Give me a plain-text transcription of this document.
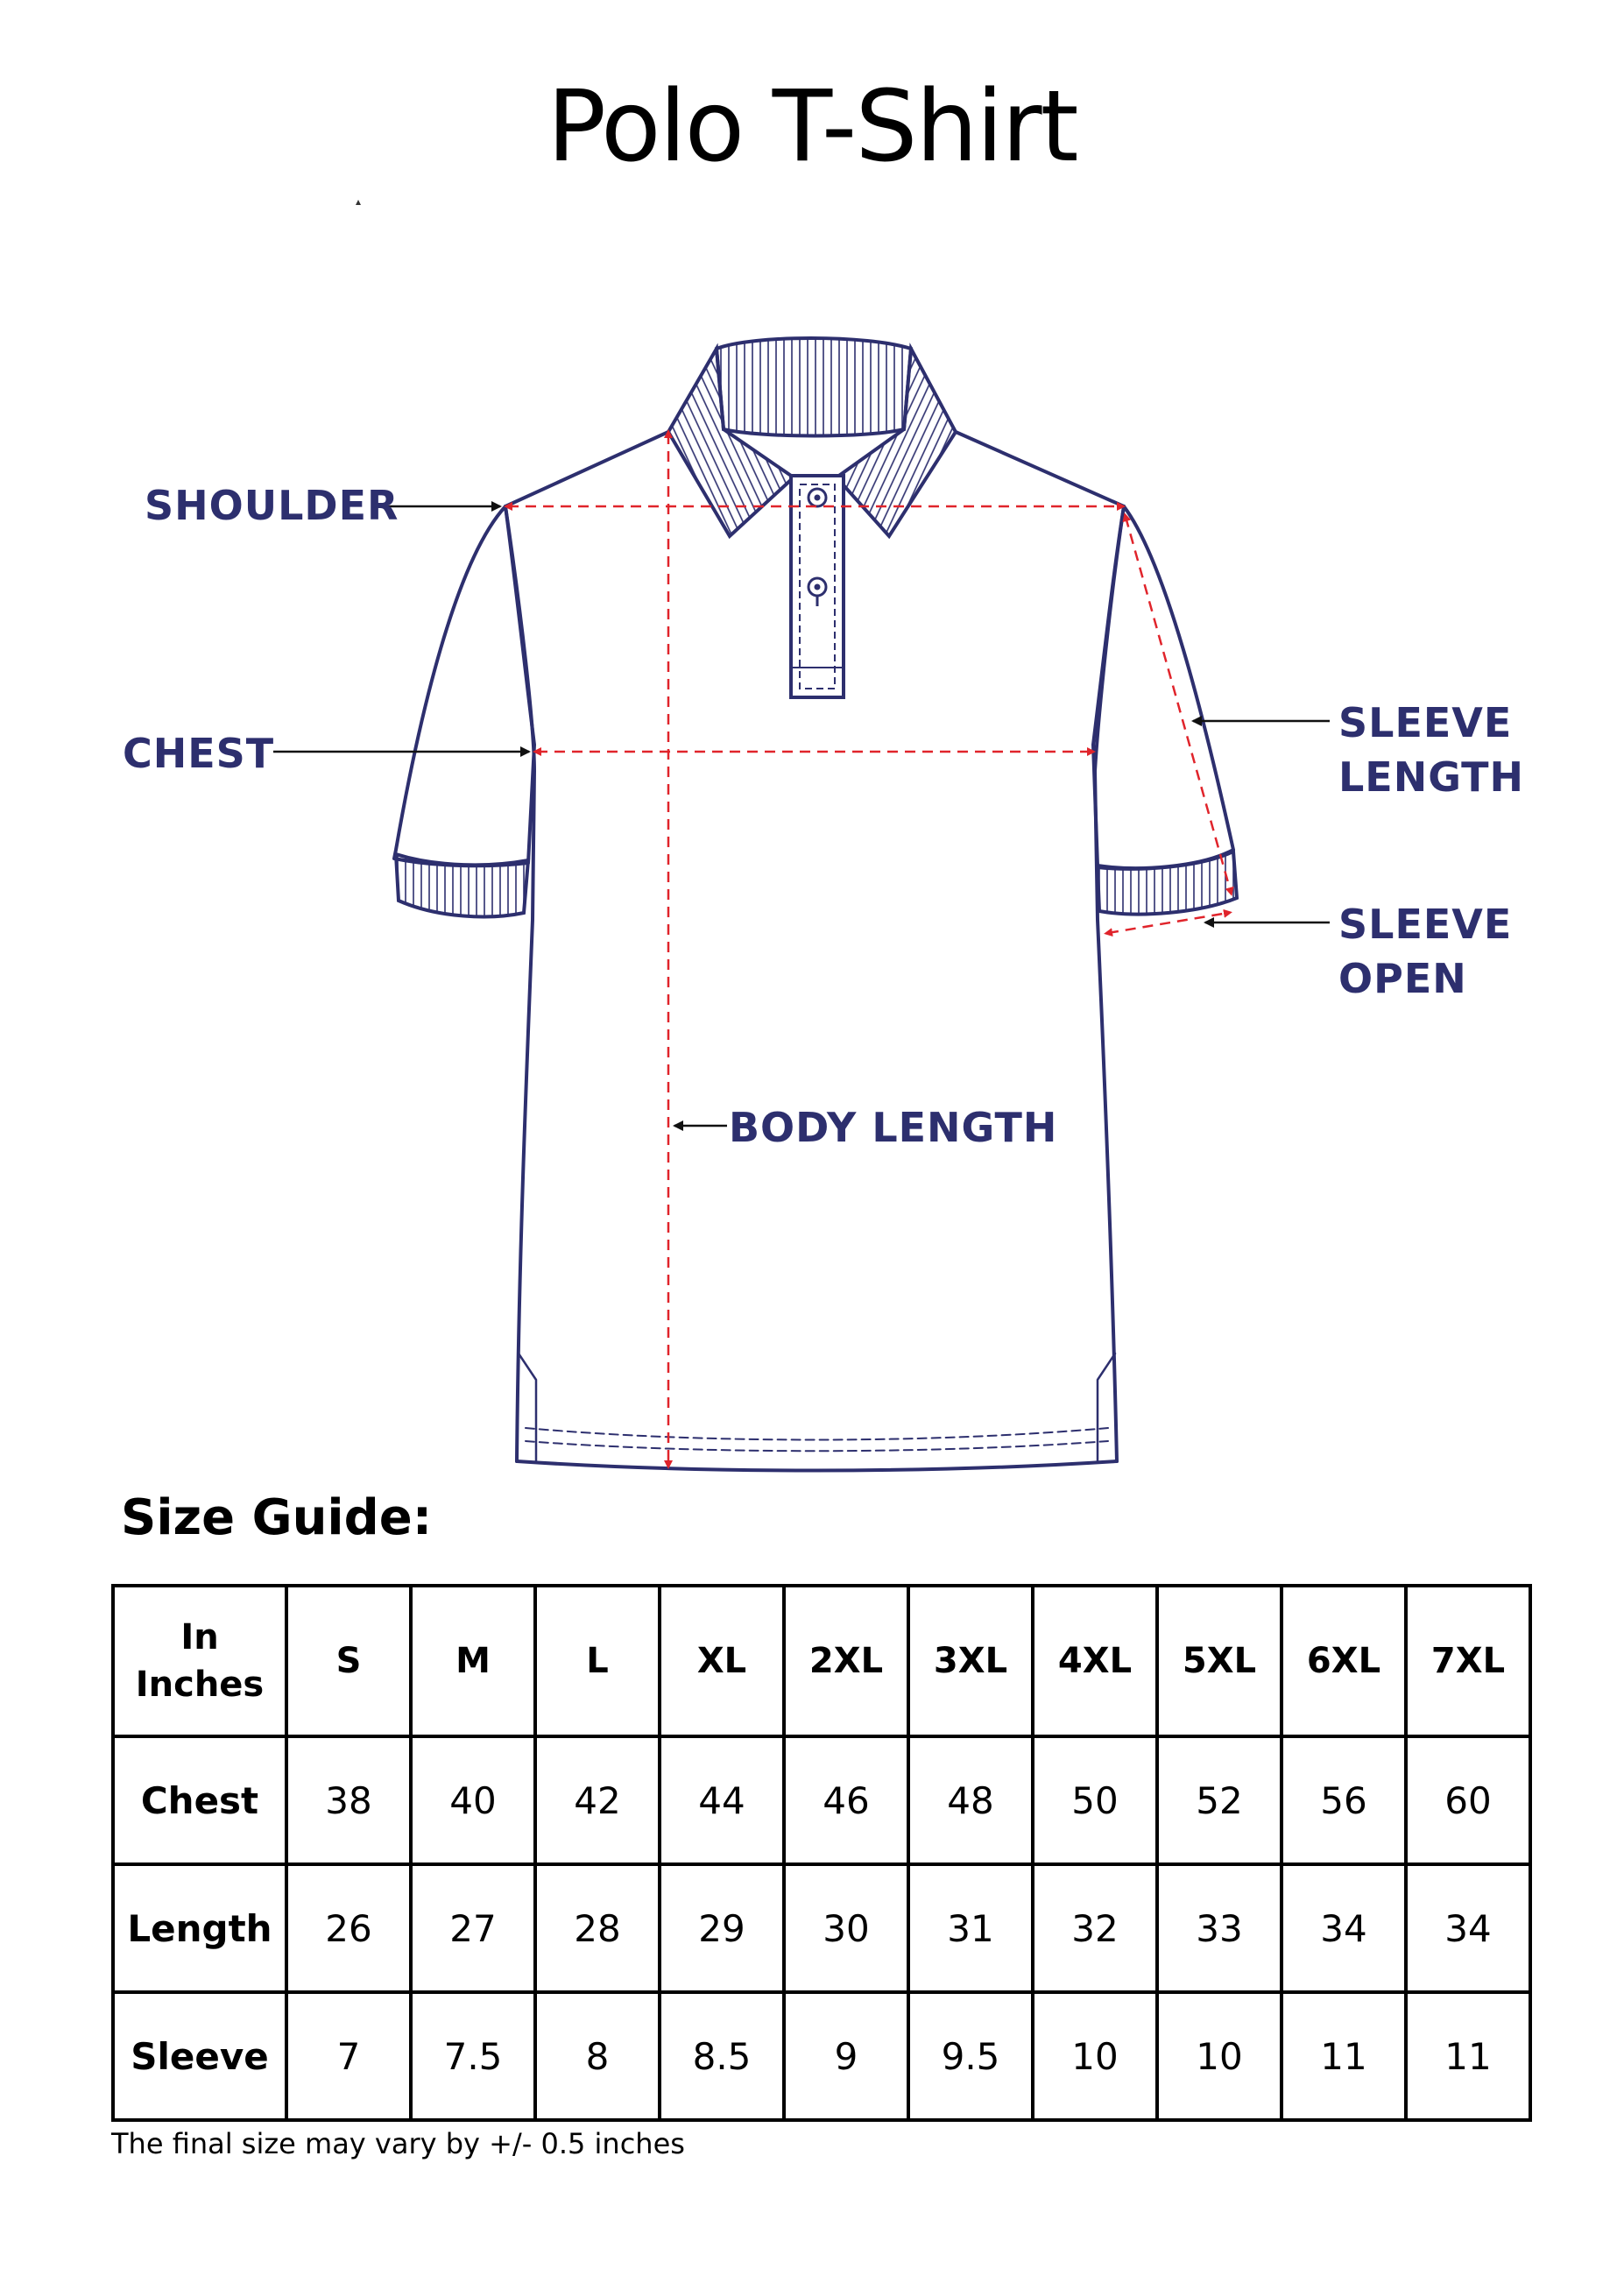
Polo T-Shirt
SHOULDER
CHEST
SLEEVE
LENGTH
SLEEVE
OPEN
BODY LENGTH
Size Guide:
In
Inches	S	M	L	XL	2XL	3XL	4XL	5XL	6XL	7XL
Chest	38	40	42	44	46	48	50	52	56	60
Length	26	27	28	29	30	31	32	33	34	34
Sleeve	7	7.5	8	8.5	9	9.5	10	10	11	11
The final size may vary by +/- 0.5 inches
